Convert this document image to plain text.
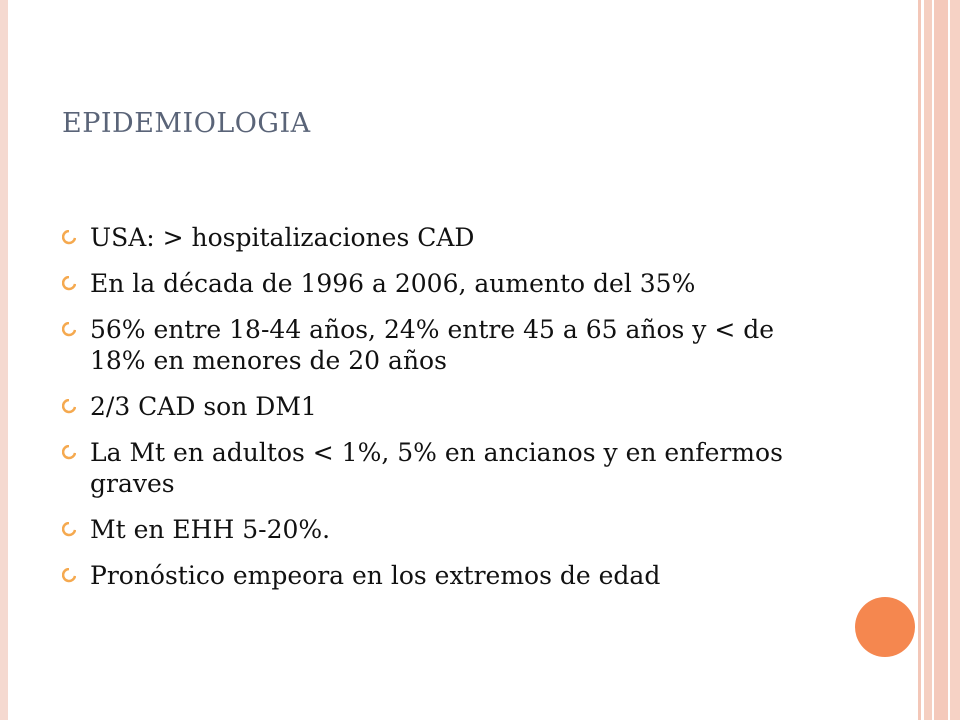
EPIDEMIOLOGIA
USA: > hospitalizaciones CAD
En la década de 1996 a 2006, aumento del 35%
56% entre 18-44 años, 24% entre 45 a 65 años y < de 18% en menores de 20 años
2/3 CAD son DM1
La Mt en adultos < 1%, 5% en ancianos y en enfermos graves
Mt en EHH 5-20%.
Pronóstico empeora en los extremos de edad
